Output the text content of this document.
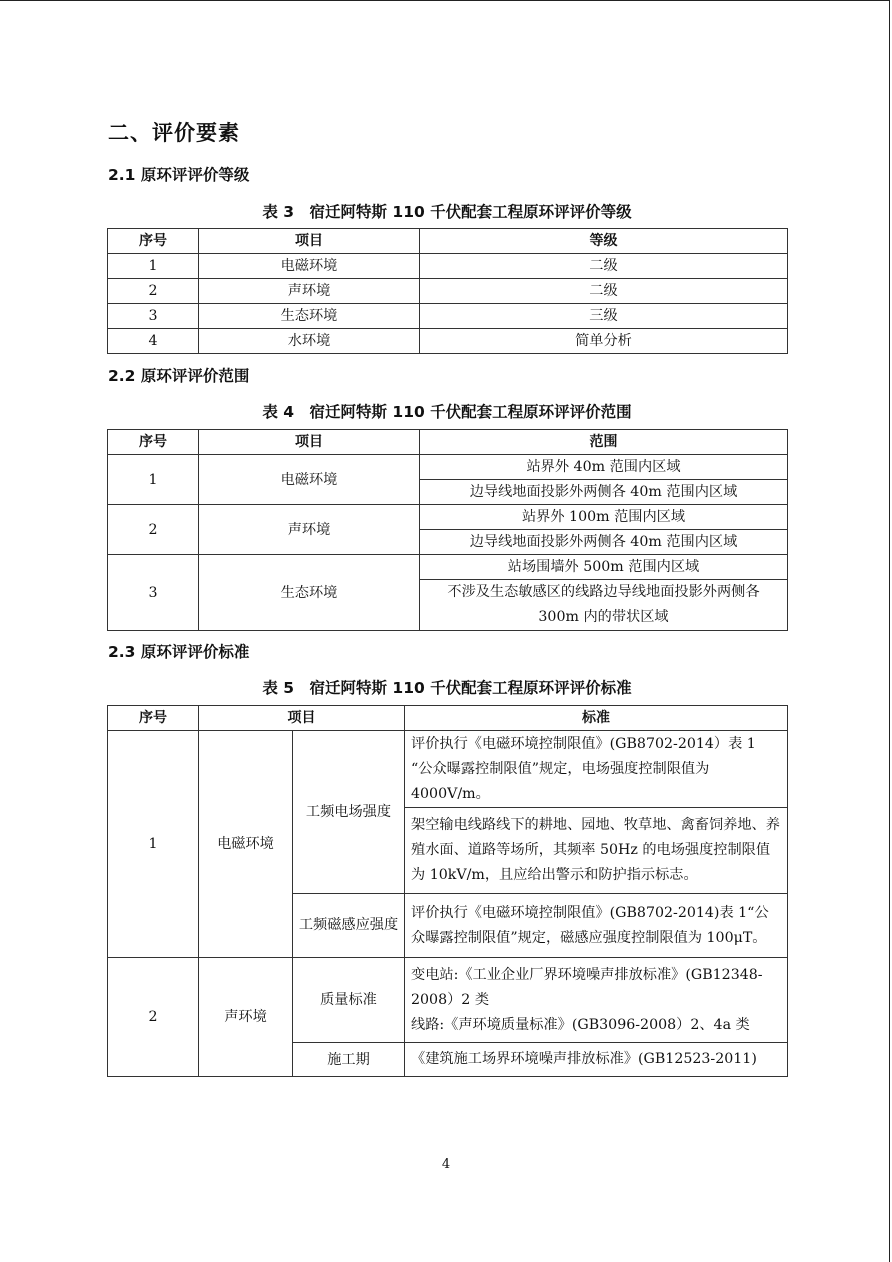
二、评价要素
2.1 原环评评价等级
表 3　宿迁阿特斯 110 千伏配套工程原环评评价等级
序号	项目	等级
1	电磁环境	二级
2	声环境	二级
3	生态环境	三级
4	水环境	简单分析
2.2 原环评评价范围
表 4　宿迁阿特斯 110 千伏配套工程原环评评价范围
序号	项目	范围
1	电磁环境	站界外 40m 范围内区域
		边导线地面投影外两侧各 40m 范围内区域
2	声环境	站界外 100m 范围内区域
		边导线地面投影外两侧各 40m 范围内区域
3	生态环境	站场围墙外 500m 范围内区域
		不涉及生态敏感区的线路边导线地面投影外两侧各 300m 内的带状区域
2.3 原环评评价标准
表 5　宿迁阿特斯 110 千伏配套工程原环评评价标准
序号	项目		标准
1	电磁环境	工频电场强度	评价执行《电磁环境控制限值》(GB8702-2014）表 1 “公众曝露控制限值”规定，电场强度控制限值为 4000V/m。
			架空输电线路线下的耕地、园地、牧草地、禽畜饲养地、养殖水面、道路等场所，其频率 50Hz 的电场强度控制限值为 10kV/m，且应给出警示和防护指示标志。
		工频磁感应强度	评价执行《电磁环境控制限值》(GB8702-2014)表 1“公众曝露控制限值”规定，磁感应强度控制限值为 100μT。
2	声环境	质量标准	变电站:《工业企业厂界环境噪声排放标准》(GB12348-2008）2 类
线路:《声环境质量标准》(GB3096-2008）2、4a 类

		施工期	《建筑施工场界环境噪声排放标准》(GB12523-2011)
4
